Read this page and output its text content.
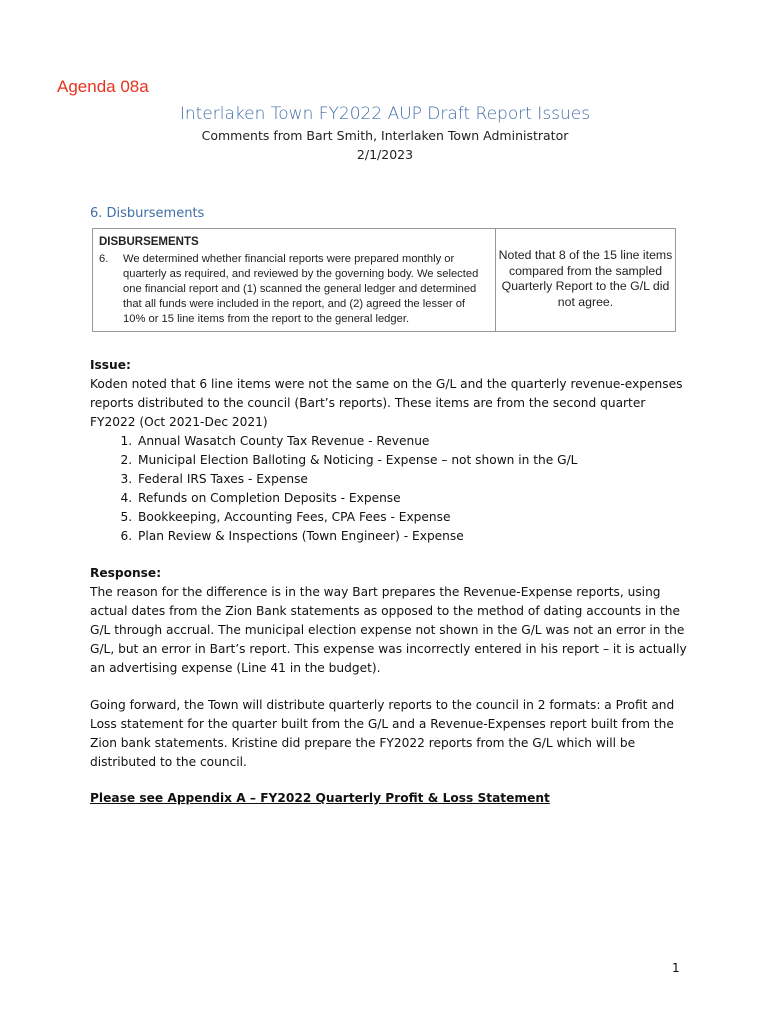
Agenda 08a
Interlaken Town FY2022 AUP Draft Report Issues
Comments from Bart Smith, Interlaken Town Administrator
2/1/2023
6. Disbursements
DISBURSEMENTS
6.	We determined whether financial reports were prepared monthly or quarterly as required, and reviewed by the governing body. We selected one financial report and (1) scanned the general ledger and determined that all funds were included in the report, and (2) agreed the lesser of 10% or 15 line items from the report to the general ledger.
Noted that 8 of the 15 line items compared from the sampled Quarterly Report to the G/L did not agree.
Issue:
Koden noted that 6 line items were not the same on the G/L and the quarterly revenue-expenses reports distributed to the council (Bart’s reports). These items are from the second quarter FY2022 (Oct 2021-Dec 2021)
1. Annual Wasatch County Tax Revenue - Revenue
2. Municipal Election Balloting & Noticing - Expense – not shown in the G/L
3. Federal IRS Taxes - Expense
4. Refunds on Completion Deposits - Expense
5. Bookkeeping, Accounting Fees, CPA Fees - Expense
6. Plan Review & Inspections (Town Engineer) - Expense
Response:
The reason for the difference is in the way Bart prepares the Revenue-Expense reports, using actual dates from the Zion Bank statements as opposed to the method of dating accounts in the G/L through accrual. The municipal election expense not shown in the G/L was not an error in the G/L, but an error in Bart’s report. This expense was incorrectly entered in his report – it is actually an advertising expense (Line 41 in the budget).
Going forward, the Town will distribute quarterly reports to the council in 2 formats: a Profit and Loss statement for the quarter built from the G/L and a Revenue-Expenses report built from the Zion bank statements. Kristine did prepare the FY2022 reports from the G/L which will be distributed to the council.
Please see Appendix A – FY2022 Quarterly Profit & Loss Statement
1
